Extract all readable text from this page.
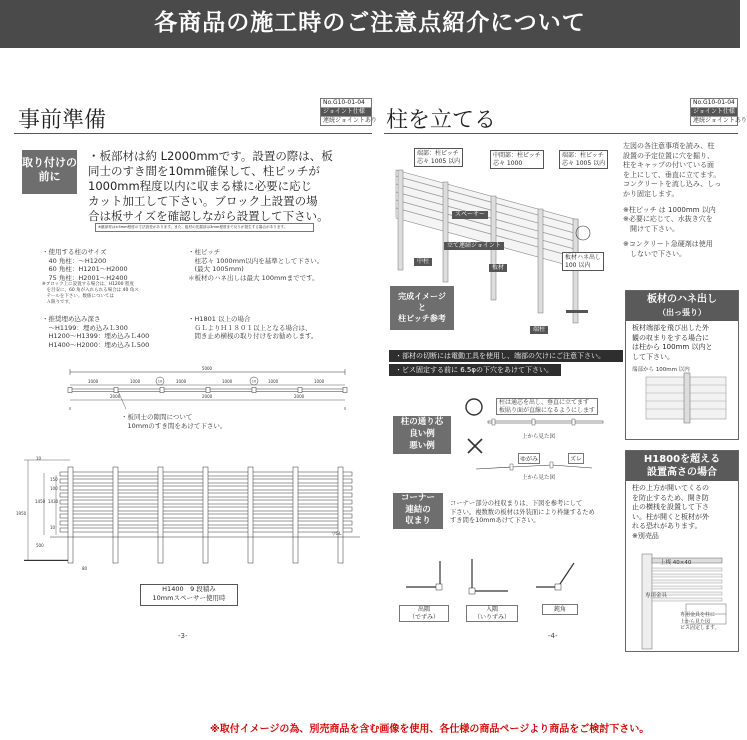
各商品の施工時のご注意点紹介について
事前準備
No.G10-01-04
ジョイント仕様
連続ジョイントあり
取り付けの
前に
・板部材は約 L2000mmです。設置の際は、板
同士のすき間を10mm確保して、柱ピッチが
1000mm程度以内に収まる様に必要に応じ
カット加工して下さい。ブロック上設置の場
合は板サイズを確認しながら設置して下さい。
※継部材は±5mm程度の寸法誤差があります。また、板材の先端部は3mm程度まで反りが発生する場合があります。
・使用する柱のサイズ
　40 角柱：～H1200
　60 角柱：H1201～H2000
　75 角柱：H2001～H2400
※ブロック上に設置する場合は、H1200 程度
　を目安に、60 角が入れられる場合は 40 角ス
　テールを下さい。数値については
　Ａ限りです。
・柱ピッチ
　柱芯々 1000mm以内を基準として下さい。
　(最大 1005mm)
＊板材のハネ出しは最大 100mmまでです。
・推奨埋め込み深さ
　～H1199：埋め込みＬ300
　H1200～H1399：埋め込みＬ400
　H1400～H2000：埋め込みＬ500
・H1801 以上の場合
　ＧＬよりＨ１８０１以上となる場合は、
　間き止め横桟の取り付けをお勧めします。
5000
1000	1000	1000	1000	1000	1000
10	10
2000	2000	2000
・板同士の隙間について
　10mmのすき間をあけて下さい。
10
150
100
1450 1430
1950
10
500
80
▽GL
H1400　9 段積み
10mmスペーサー使用時
-3-
柱を立てる
No.G10-01-04
ジョイント仕様
連続ジョイントあり
端部：柱ピッチ
芯々 1005 以内
中間部：柱ピッチ
芯々 1000
端部：柱ピッチ
芯々 1005 以内
スペーサー
立て連結ジョイント
中柱
板材
板材ハネ出し
100 以内
端柱
完成イメージ
と
柱ピッチ参考
左図の各注意事項を読み、柱
設置の予定位置に穴を掘り、
柱をキャップの付いている面
を上にして、垂直に立てます。
コンクリートを流し込み、しっ
かり固定します。
※柱ピッチ は 1000mm 以内
※必要に応じて、水抜き穴を
　開けて下さい。
※コンクリート急硬剤は使用
　しないで下さい。
・部材の切断には電動工具を使用し、端部の欠けにご注意下さい。
・ビス固定する前に 6.5φの下穴をあけて下さい。
柱の通り芯
良い例
悪い例
柱は通芯を出し、垂直に立てます
板貼り面が直線になるようにします
上から見た図
ゆがみ	ズレ
上から見た図
コーナー
連結の
収まり
コーナー部分の柱収まりは、下図を参考にして
下さい。複数数の板材は外装面により枠継するため
すき間を10mmあけて下さい。
出隅
（でずみ）
入隅
（いりずみ）
鈍角
-4-
板材のハネ出し
（出っ張り）
板材端部を飛び出した外
観の収まりをする場合に
は柱から 100mm 以内と
して下さい。
端部から 100mm 以内
H1800を超える
設置高さの場合
柱の上方が開いてくるの
を防止するため、開き防
止の横桟を設置して下さ
い。柱が開くと板材が外
れる恐れがあります。
※別売品
上桟 40×40
専用金具
専用金具を柱に
上から見た図
ビス固定します。
※取付イメージの為、別売商品を含む画像を使用、各仕様の商品ページより商品をご検討下さい。
